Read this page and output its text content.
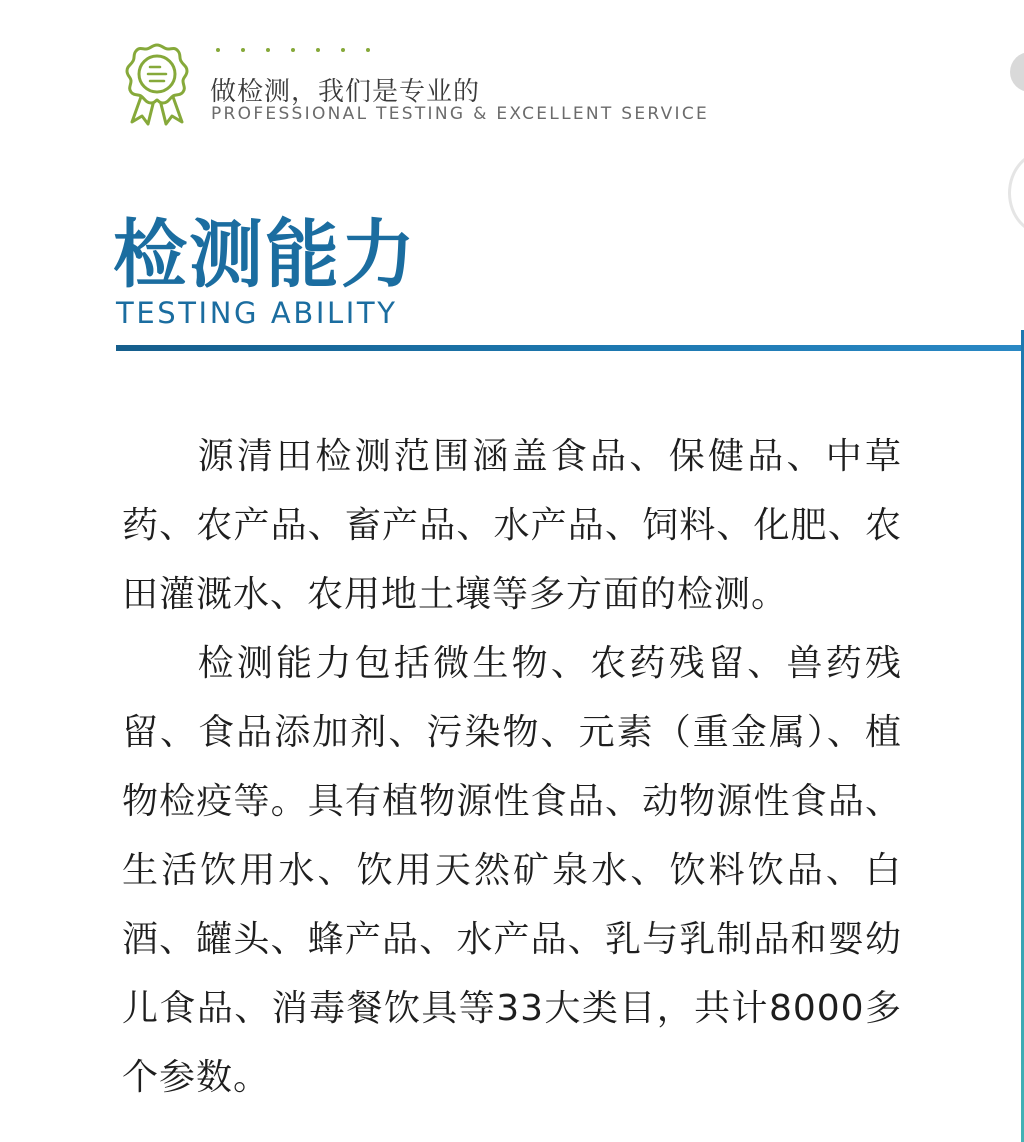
做检测，我们是专业的
PROFESSIONAL TESTING & EXCELLENT SERVICE
检测能力
TESTING ABILITY

源清田检测范围涵盖食品、保健品、中草药、农产品、畜产品、水产品、饲料、化肥、农田灌溉水、农用地土壤等多方面的检测。

检测能力包括微生物、农药残留、兽药残留、食品添加剂、污染物、元素（重金属）、植物检疫等。具有植物源性食品、动物源性食品、生活饮用水、饮用天然矿泉水、饮料饮品、白酒、罐头、蜂产品、水产品、乳与乳制品和婴幼儿食品、消毒餐饮具等33大类目，共计8000多个参数。
